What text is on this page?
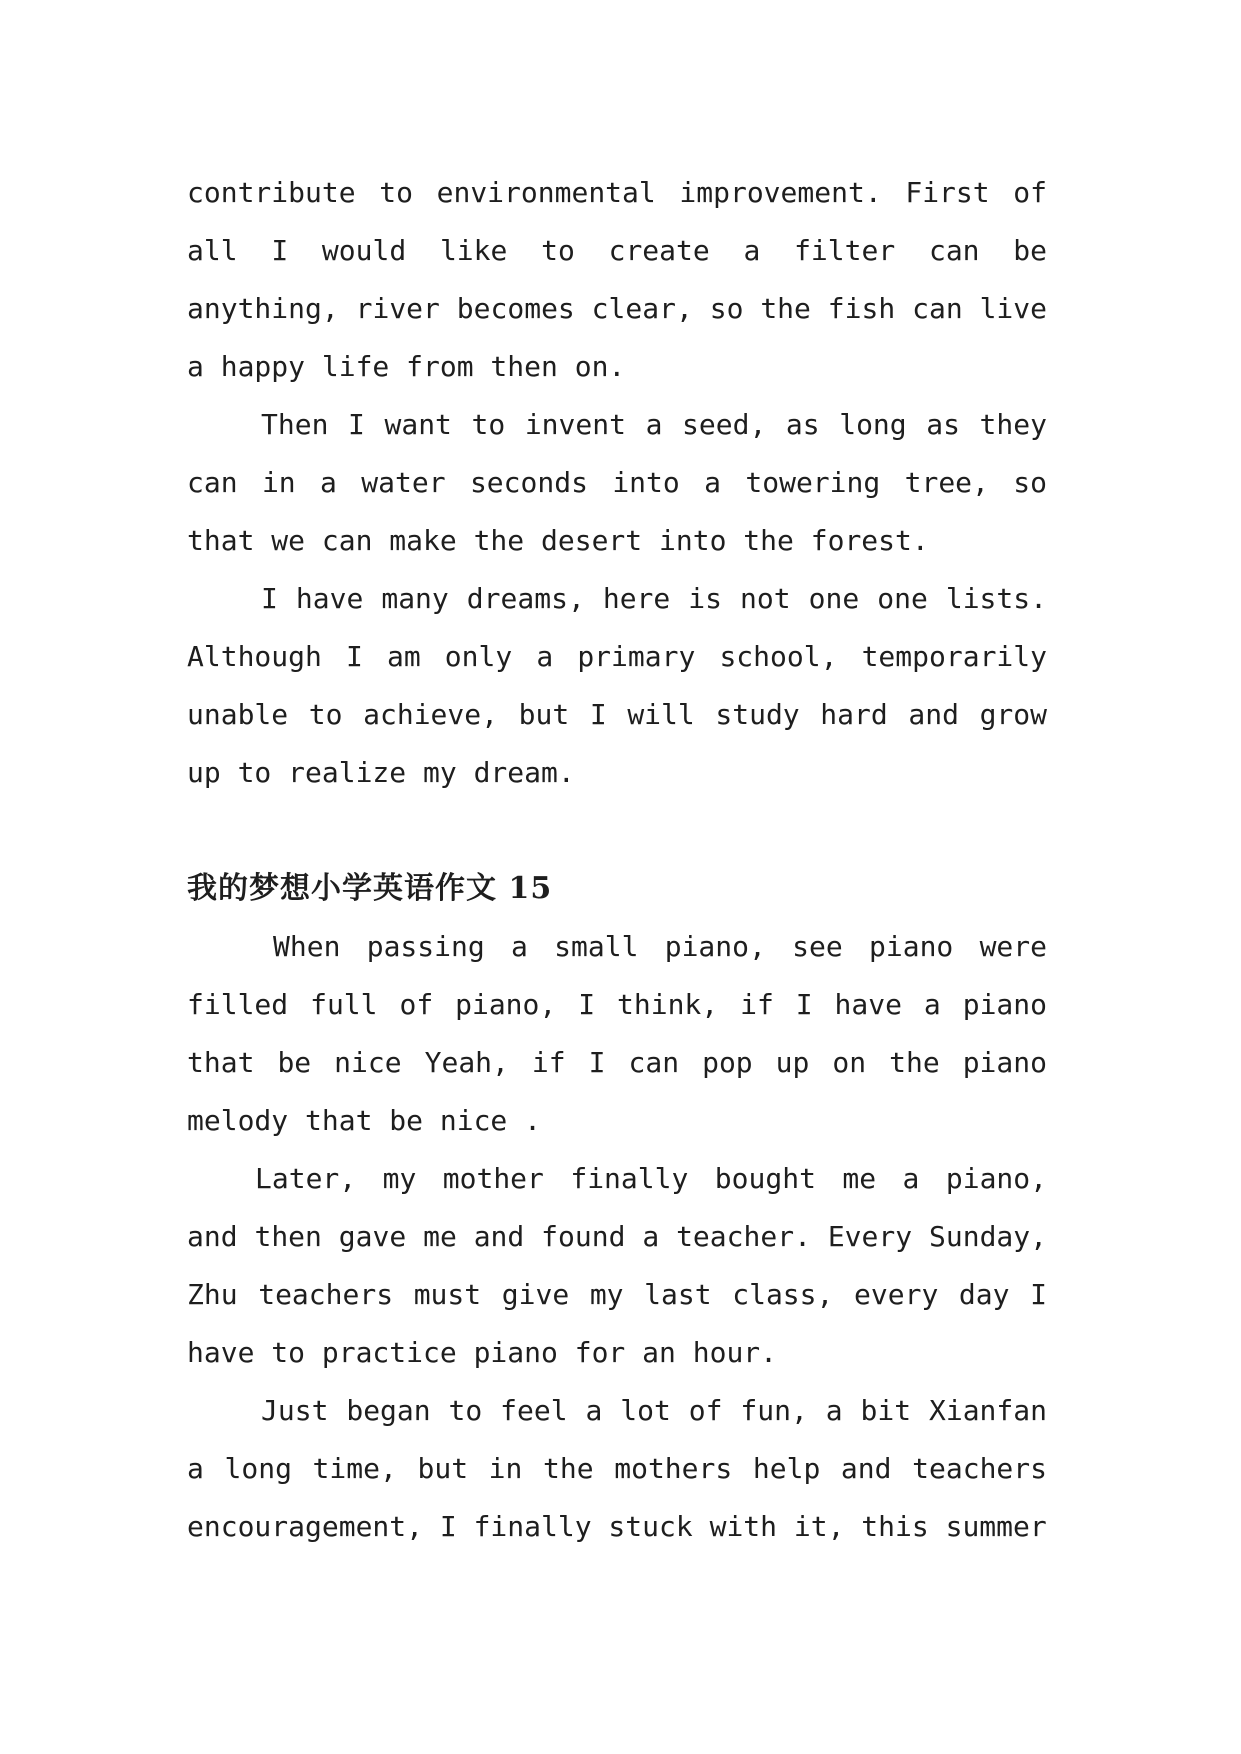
contribute to environmental improvement. First of all I would like to create a filter can be anything, river becomes clear, so the fish can live a happy life from then on.

Then I want to invent a seed, as long as they can in a water seconds into a towering tree, so that we can make the desert into the forest.

I have many dreams, here is not one one lists. Although I am only a primary school, temporarily unable to achieve, but I will study hard and grow up to realize my dream.

我的梦想小学英语作文 15

When passing a small piano, see piano were filled full of piano, I think, if I have a piano that be nice Yeah, if I can pop up on the piano melody that be nice .

Later, my mother finally bought me a piano, and then gave me and found a teacher. Every Sunday, Zhu teachers must give my last class, every day I have to practice piano for an hour.

Just began to feel a lot of fun, a bit Xianfan a long time, but in the mothers help and teachers encouragement, I finally stuck with it, this summer
